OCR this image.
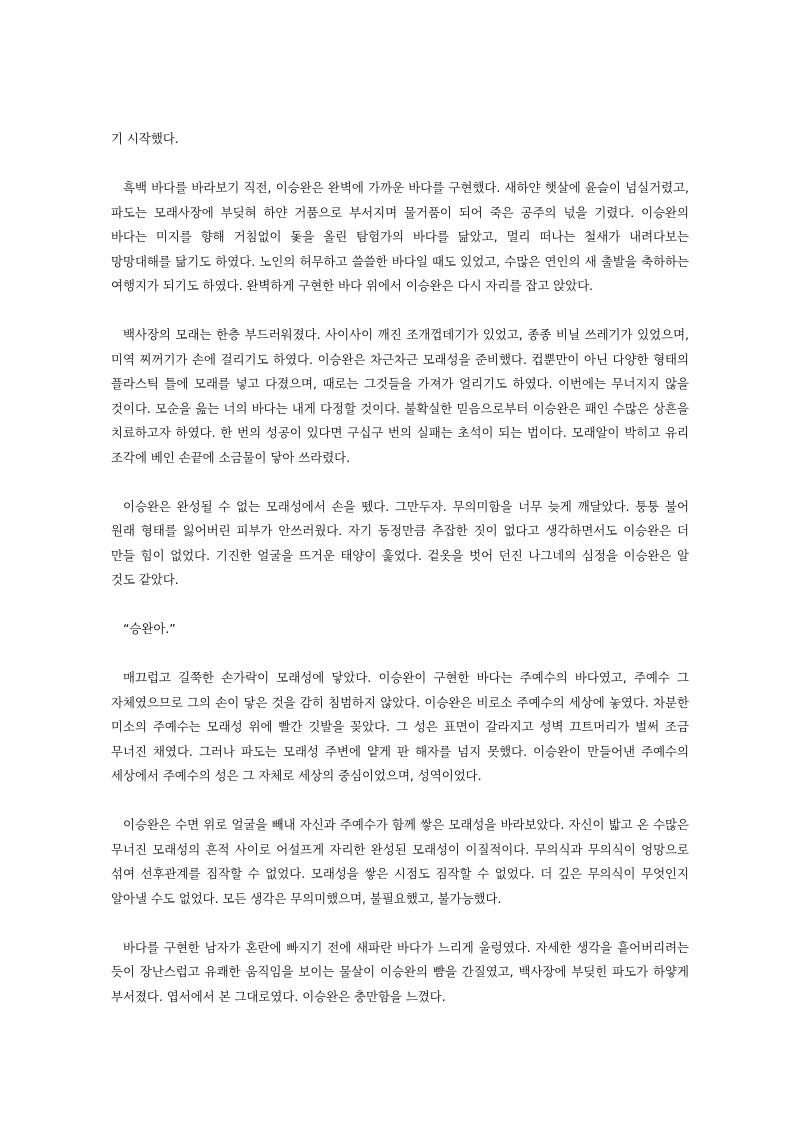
기 시작했다.

흑백 바다를 바라보기 직전, 이승완은 완벽에 가까운 바다를 구현했다. 새하얀 햇살에 윤슬이 넘실거렸고, 파도는 모래사장에 부딪혀 하얀 거품으로 부서지며 물거품이 되어 죽은 공주의 넋을 기렸다. 이승완의 바다는 미지를 향해 거침없이 돛을 올린 탐험가의 바다를 닮았고, 멀리 떠나는 철새가 내려다보는 망망대해를 닮기도 하였다. 노인의 허무하고 쓸쓸한 바다일 때도 있었고, 수많은 연인의 새 출발을 축하하는 여행지가 되기도 하였다. 완벽하게 구현한 바다 위에서 이승완은 다시 자리를 잡고 앉았다.

백사장의 모래는 한층 부드러워졌다. 사이사이 깨진 조개껍데기가 있었고, 종종 비닐 쓰레기가 있었으며, 미역 찌꺼기가 손에 걸리기도 하였다. 이승완은 차근차근 모래성을 준비했다. 컵뿐만이 아닌 다양한 형태의 플라스틱 틀에 모래를 넣고 다졌으며, 때로는 그것들을 가져가 얼리기도 하였다. 이번에는 무너지지 않을 것이다. 모순을 읊는 너의 바다는 내게 다정할 것이다. 불확실한 믿음으로부터 이승완은 패인 수많은 상흔을 치료하고자 하였다. 한 번의 성공이 있다면 구십구 번의 실패는 초석이 되는 법이다. 모래알이 박히고 유리 조각에 베인 손끝에 소금물이 닿아 쓰라렸다.

이승완은 완성될 수 없는 모래성에서 손을 뗐다. 그만두자. 무의미함을 너무 늦게 깨달았다. 퉁퉁 불어 원래 형태를 잃어버린 피부가 안쓰러웠다. 자기 동정만큼 추잡한 짓이 없다고 생각하면서도 이승완은 더 만들 힘이 없었다. 기진한 얼굴을 뜨거운 태양이 훑었다. 겉옷을 벗어 던진 나그네의 심정을 이승완은 알 것도 같았다.

“승완아.”

매끄럽고 길쭉한 손가락이 모래성에 닿았다. 이승완이 구현한 바다는 주예수의 바다였고, 주예수 그 자체였으므로 그의 손이 닿은 것을 감히 침범하지 않았다. 이승완은 비로소 주예수의 세상에 놓였다. 차분한 미소의 주예수는 모래성 위에 빨간 깃발을 꽂았다. 그 성은 표면이 갈라지고 성벽 끄트머리가 벌써 조금 무너진 채였다. 그러나 파도는 모래성 주변에 얕게 판 해자를 넘지 못했다. 이승완이 만들어낸 주예수의 세상에서 주예수의 성은 그 자체로 세상의 중심이었으며, 성역이었다.

이승완은 수면 위로 얼굴을 빼내 자신과 주예수가 함께 쌓은 모래성을 바라보았다. 자신이 밟고 온 수많은 무너진 모래성의 흔적 사이로 어설프게 자리한 완성된 모래성이 이질적이다. 무의식과 무의식이 엉망으로 섞여 선후관계를 짐작할 수 없었다. 모래성을 쌓은 시점도 짐작할 수 없었다. 더 깊은 무의식이 무엇인지 알아낼 수도 없었다. 모든 생각은 무의미했으며, 불필요했고, 불가능했다.

바다를 구현한 남자가 혼란에 빠지기 전에 새파란 바다가 느리게 울렁였다. 자세한 생각을 흩어버리려는 듯이 장난스럽고 유쾌한 움직임을 보이는 물살이 이승완의 뺨을 간질였고, 백사장에 부딪힌 파도가 하얗게 부서졌다. 엽서에서 본 그대로였다. 이승완은 충만함을 느꼈다.
